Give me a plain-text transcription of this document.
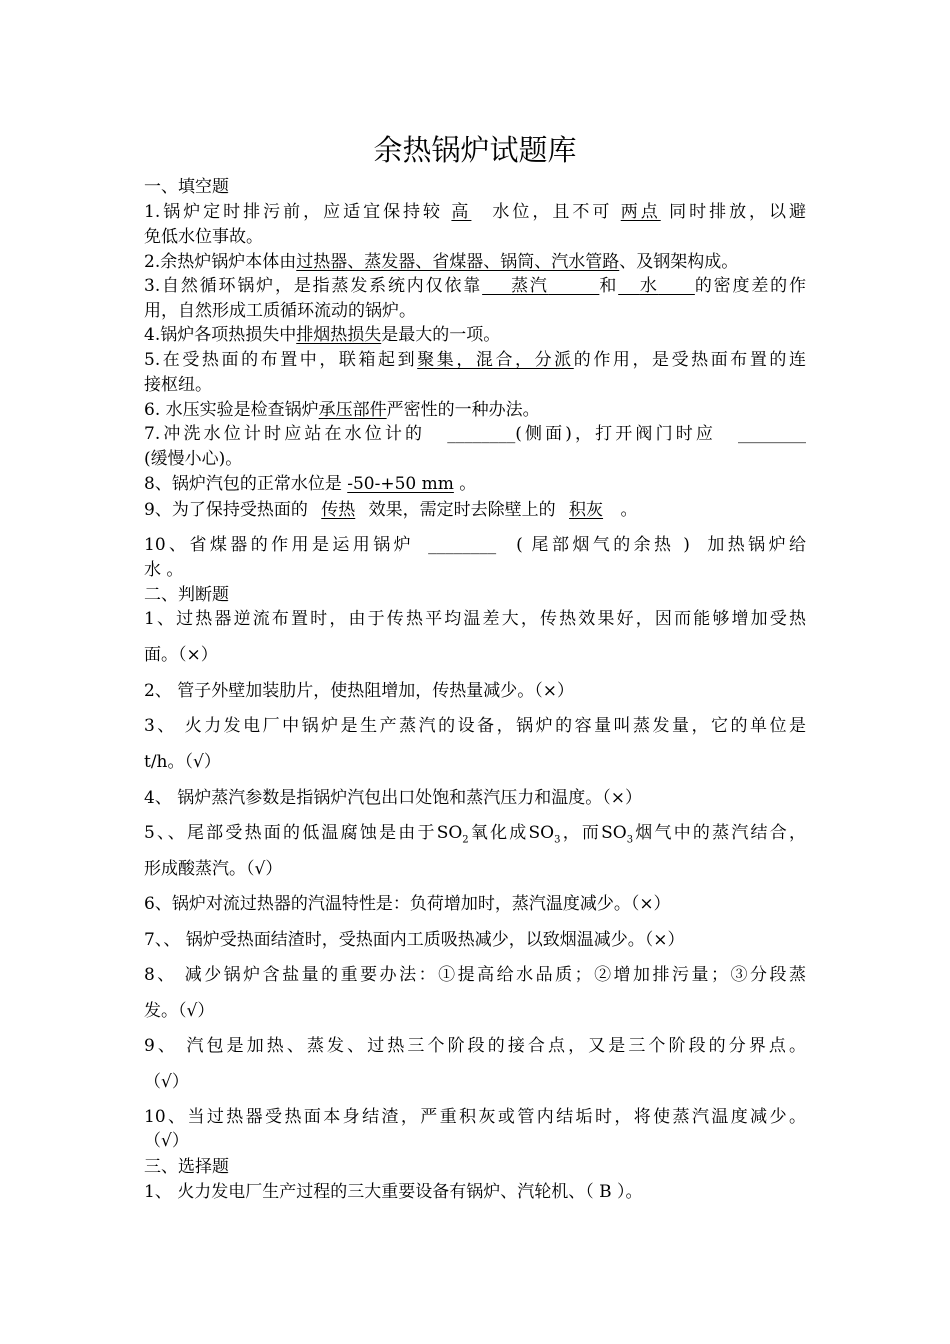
余热锅炉试题库
一、填空题
1.锅炉定时排污前，应适宜保持较 高 水位，且不可 两点 同时排放，以避
免低水位事故。
2.余热炉锅炉本体由过热器、蒸发器、省煤器、锅筒、汽水管路、及钢架构成。
3.自然循环锅炉，是指蒸发系统内仅依靠 蒸汽	和 水 的密度差的作
用，自然形成工质循环流动的锅炉。
4.锅炉各项热损失中排烟热损失是最大的一项。
5.在受热面的布置中，联箱起到聚集，混合，分派的作用，是受热面布置的连
接枢纽。
6. 水压实验是检查锅炉承压部件严密性的一种办法。
7.冲洗水位计时应站在水位计的 ________(侧面)，打开阀门时应 ________
(缓慢小心)。
8、锅炉汽包的正常水位是 -50-+50 mm 。
9、为了保持受热面的 传热 效果，需定时去除壁上的 积灰 。
10、省煤器的作用是运用锅炉 ________ ( 尾部烟气的余热 ) 加热锅炉给
水 。
二、判断题
1、过热器逆流布置时，由于传热平均温差大，传热效果好，因而能够增加受热
面。（×）
2、 管子外壁加装肋片，使热阻增加，传热量减少。（×）
3、 火力发电厂中锅炉是生产蒸汽的设备，锅炉的容量叫蒸发量，它的单位是
t/h。（√）
4、 锅炉蒸汽参数是指锅炉汽包出口处饱和蒸汽压力和温度。（×）
5、、尾部受热面的低温腐蚀是由于$SO_2$氧化成$SO_3$，而$SO_3$烟气中的蒸汽结合，
形成酸蒸汽。（√）
6、锅炉对流过热器的汽温特性是：负荷增加时，蒸汽温度减少。（×）
7、、 锅炉受热面结渣时，受热面内工质吸热减少，以致烟温减少。（×）
8、 减少锅炉含盐量的重要办法：①提高给水品质；②增加排污量；③分段蒸
发。（√）
9、 汽包是加热、蒸发、过热三个阶段的接合点，又是三个阶段的分界点。
（√）
10、当过热器受热面本身结渣，严重积灰或管内结垢时，将使蒸汽温度减少。
（√）
三、选择题
1、 火力发电厂生产过程的三大重要设备有锅炉、汽轮机、（ B ）。
